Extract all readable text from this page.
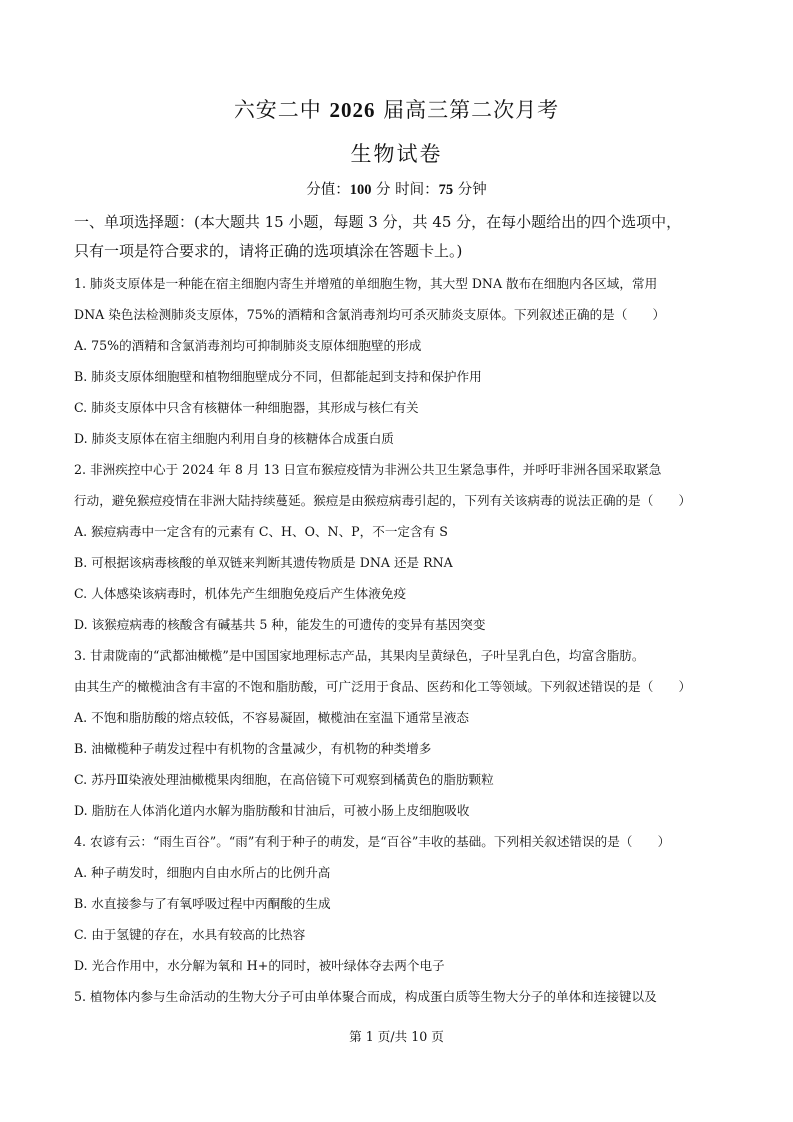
六安二中 2026 届高三第二次月考
生物试卷
分值：100 分 时间：75 分钟
一、单项选择题：(本大题共 15 小题，每题 3 分，共 45 分，在每小题给出的四个选项中，
只有一项是符合要求的，请将正确的选项填涂在答题卡上。)
1. 肺炎支原体是一种能在宿主细胞内寄生并增殖的单细胞生物，其大型 DNA 散布在细胞内各区域，常用
DNA 染色法检测肺炎支原体，75%的酒精和含氯消毒剂均可杀灭肺炎支原体。下列叙述正确的是（　　）
A. 75%的酒精和含氯消毒剂均可抑制肺炎支原体细胞壁的形成
B. 肺炎支原体细胞壁和植物细胞壁成分不同，但都能起到支持和保护作用
C. 肺炎支原体中只含有核糖体一种细胞器，其形成与核仁有关
D. 肺炎支原体在宿主细胞内利用自身的核糖体合成蛋白质
2. 非洲疾控中心于 2024 年 8 月 13 日宣布猴痘疫情为非洲公共卫生紧急事件，并呼吁非洲各国采取紧急
行动，避免猴痘疫情在非洲大陆持续蔓延。猴痘是由猴痘病毒引起的，下列有关该病毒的说法正确的是（　　）
A. 猴痘病毒中一定含有的元素有 C、H、O、N、P，不一定含有 S
B. 可根据该病毒核酸的单双链来判断其遗传物质是 DNA 还是 RNA
C. 人体感染该病毒时，机体先产生细胞免疫后产生体液免疫
D. 该猴痘病毒的核酸含有碱基共 5 种，能发生的可遗传的变异有基因突变
3. 甘肃陇南的“武都油橄榄”是中国国家地理标志产品，其果肉呈黄绿色，子叶呈乳白色，均富含脂肪。
由其生产的橄榄油含有丰富的不饱和脂肪酸，可广泛用于食品、医药和化工等领域。下列叙述错误的是（　　）
A. 不饱和脂肪酸的熔点较低，不容易凝固，橄榄油在室温下通常呈液态
B. 油橄榄种子萌发过程中有机物的含量减少，有机物的种类增多
C. 苏丹Ⅲ染液处理油橄榄果肉细胞，在高倍镜下可观察到橘黄色的脂肪颗粒
D. 脂肪在人体消化道内水解为脂肪酸和甘油后，可被小肠上皮细胞吸收
4. 农谚有云：“雨生百谷”。“雨”有利于种子的萌发，是“百谷”丰收的基础。下列相关叙述错误的是（　　）
A. 种子萌发时，细胞内自由水所占的比例升高
B. 水直接参与了有氧呼吸过程中丙酮酸的生成
C. 由于氢键的存在，水具有较高的比热容
D. 光合作用中，水分解为氧和 H+的同时，被叶绿体夺去两个电子
5. 植物体内参与生命活动的生物大分子可由单体聚合而成，构成蛋白质等生物大分子的单体和连接键以及
第 1 页/共 10 页
